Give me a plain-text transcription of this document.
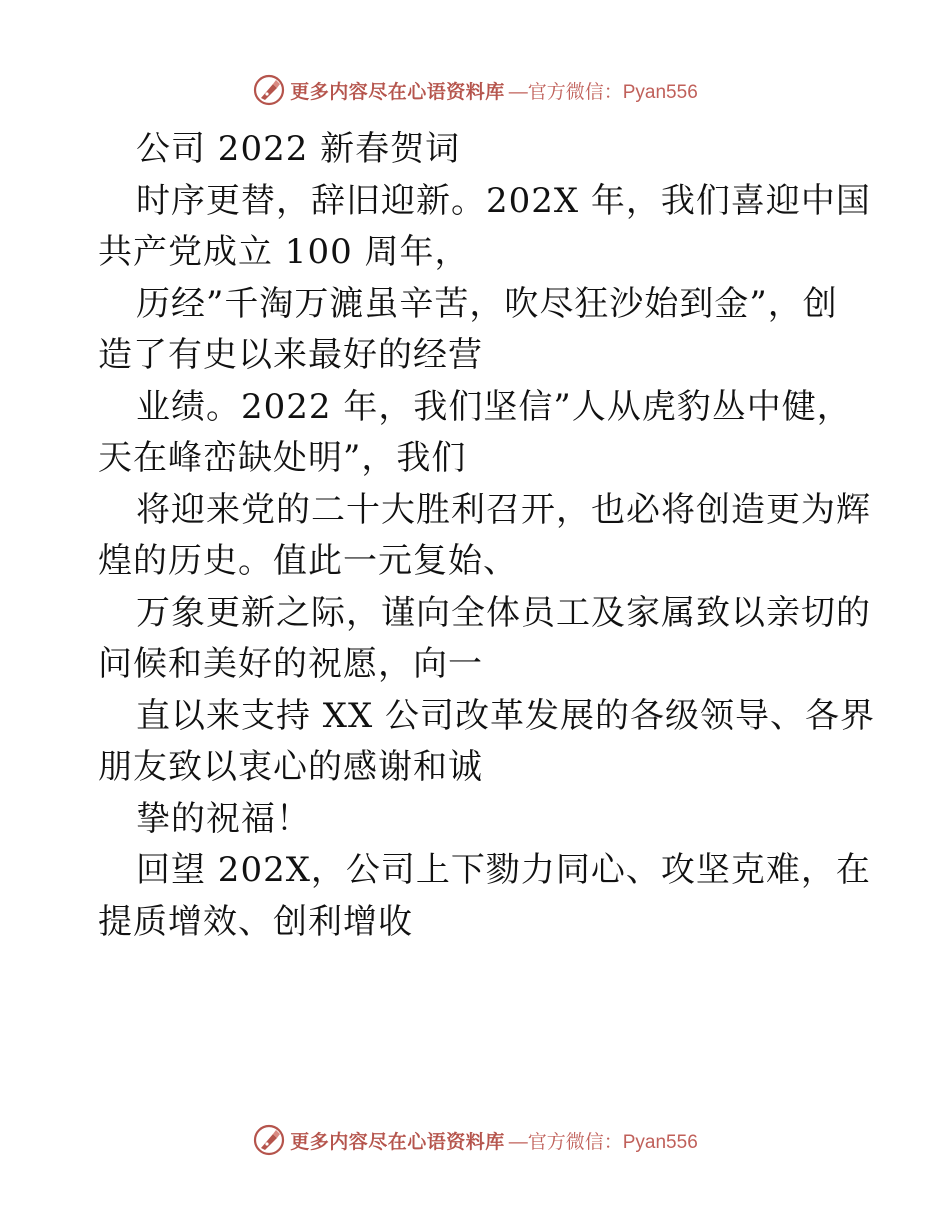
更多内容尽在心语资料库 —官方微信：Pyan556
公司 2022 新春贺词
时序更替，辞旧迎新。202X 年，我们喜迎中国
共产党成立 100 周年，
历经”千淘万漉虽辛苦，吹尽狂沙始到金”，创
造了有史以来最好的经营
业绩。2022 年，我们坚信”人从虎豹丛中健，
天在峰峦缺处明”，我们
将迎来党的二十大胜利召开，也必将创造更为辉
煌的历史。值此一元复始、
万象更新之际，谨向全体员工及家属致以亲切的
问候和美好的祝愿，向一
直以来支持 XX 公司改革发展的各级领导、各界
朋友致以衷心的感谢和诚
挚的祝福！
回望 202X，公司上下勠力同心、攻坚克难，在
提质增效、创利增收
更多内容尽在心语资料库 —官方微信：Pyan556
